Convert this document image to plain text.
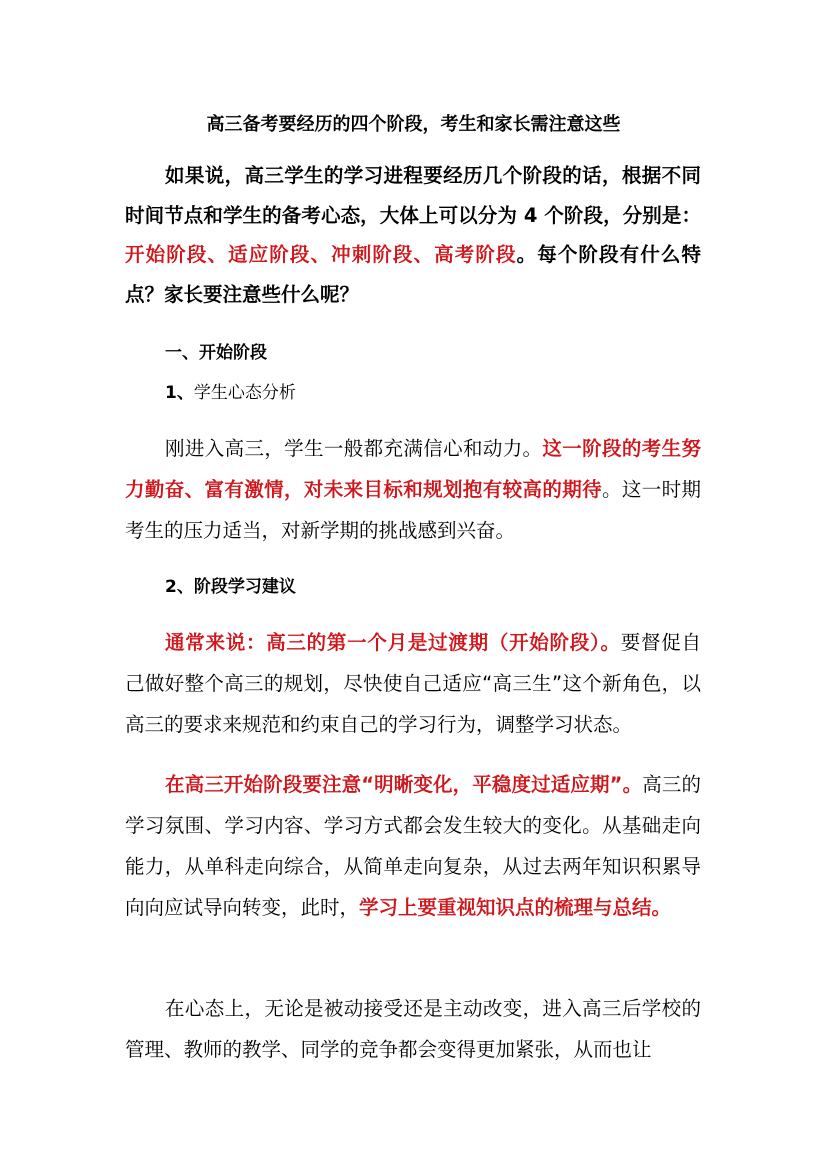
高三备考要经历的四个阶段，考生和家长需注意这些
如果说，高三学生的学习进程要经历几个阶段的话，根据不同时间节点和学生的备考心态，大体上可以分为 4 个阶段，分别是：开始阶段、适应阶段、冲刺阶段、高考阶段。每个阶段有什么特点？家长要注意些什么呢？
一、开始阶段
1、学生心态分析
刚进入高三，学生一般都充满信心和动力。这一阶段的考生努力勤奋、富有激情，对未来目标和规划抱有较高的期待。这一时期考生的压力适当，对新学期的挑战感到兴奋。
2、阶段学习建议
通常来说：高三的第一个月是过渡期（开始阶段）。要督促自己做好整个高三的规划，尽快使自己适应“高三生”这个新角色，以高三的要求来规范和约束自己的学习行为，调整学习状态。
在高三开始阶段要注意“明晰变化，平稳度过适应期”。高三的学习氛围、学习内容、学习方式都会发生较大的变化。从基础走向能力，从单科走向综合，从简单走向复杂，从过去两年知识积累导向向应试导向转变，此时，学习上要重视知识点的梳理与总结。
在心态上，无论是被动接受还是主动改变，进入高三后学校的管理、教师的教学、同学的竞争都会变得更加紧张，从而也让
